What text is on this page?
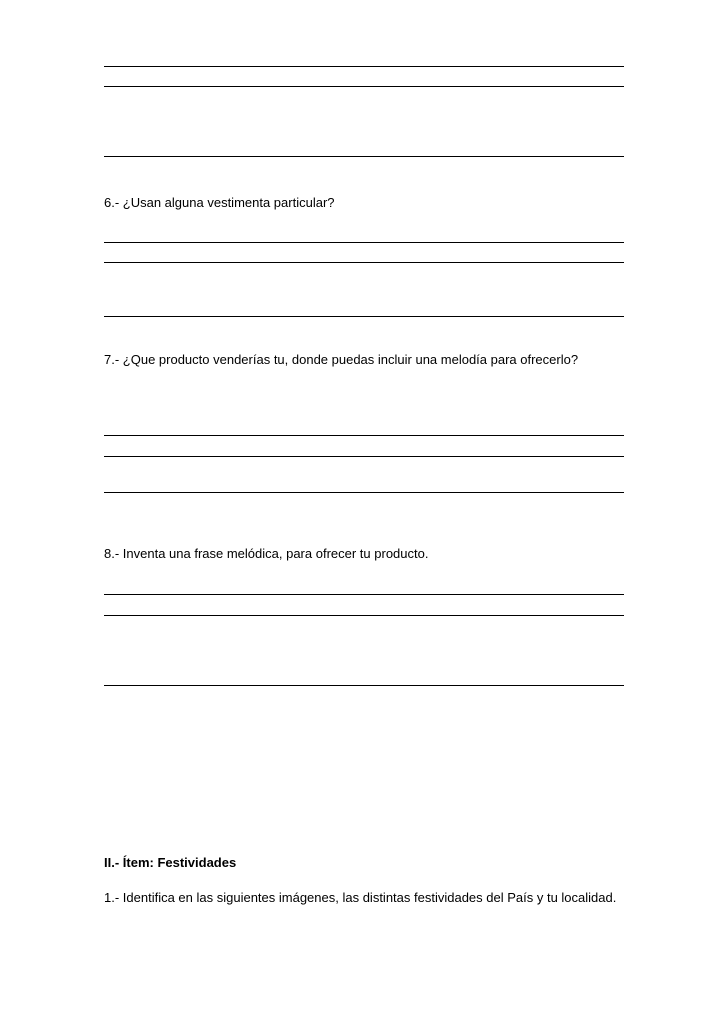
6.- ¿Usan alguna vestimenta particular?
7.- ¿Que producto venderías tu, donde puedas incluir una melodía para ofrecerlo?
8.- Inventa una frase melódica, para ofrecer tu producto.
II.- Ítem: Festividades
1.- Identifica en las siguientes imágenes, las distintas festividades del País y tu localidad.
